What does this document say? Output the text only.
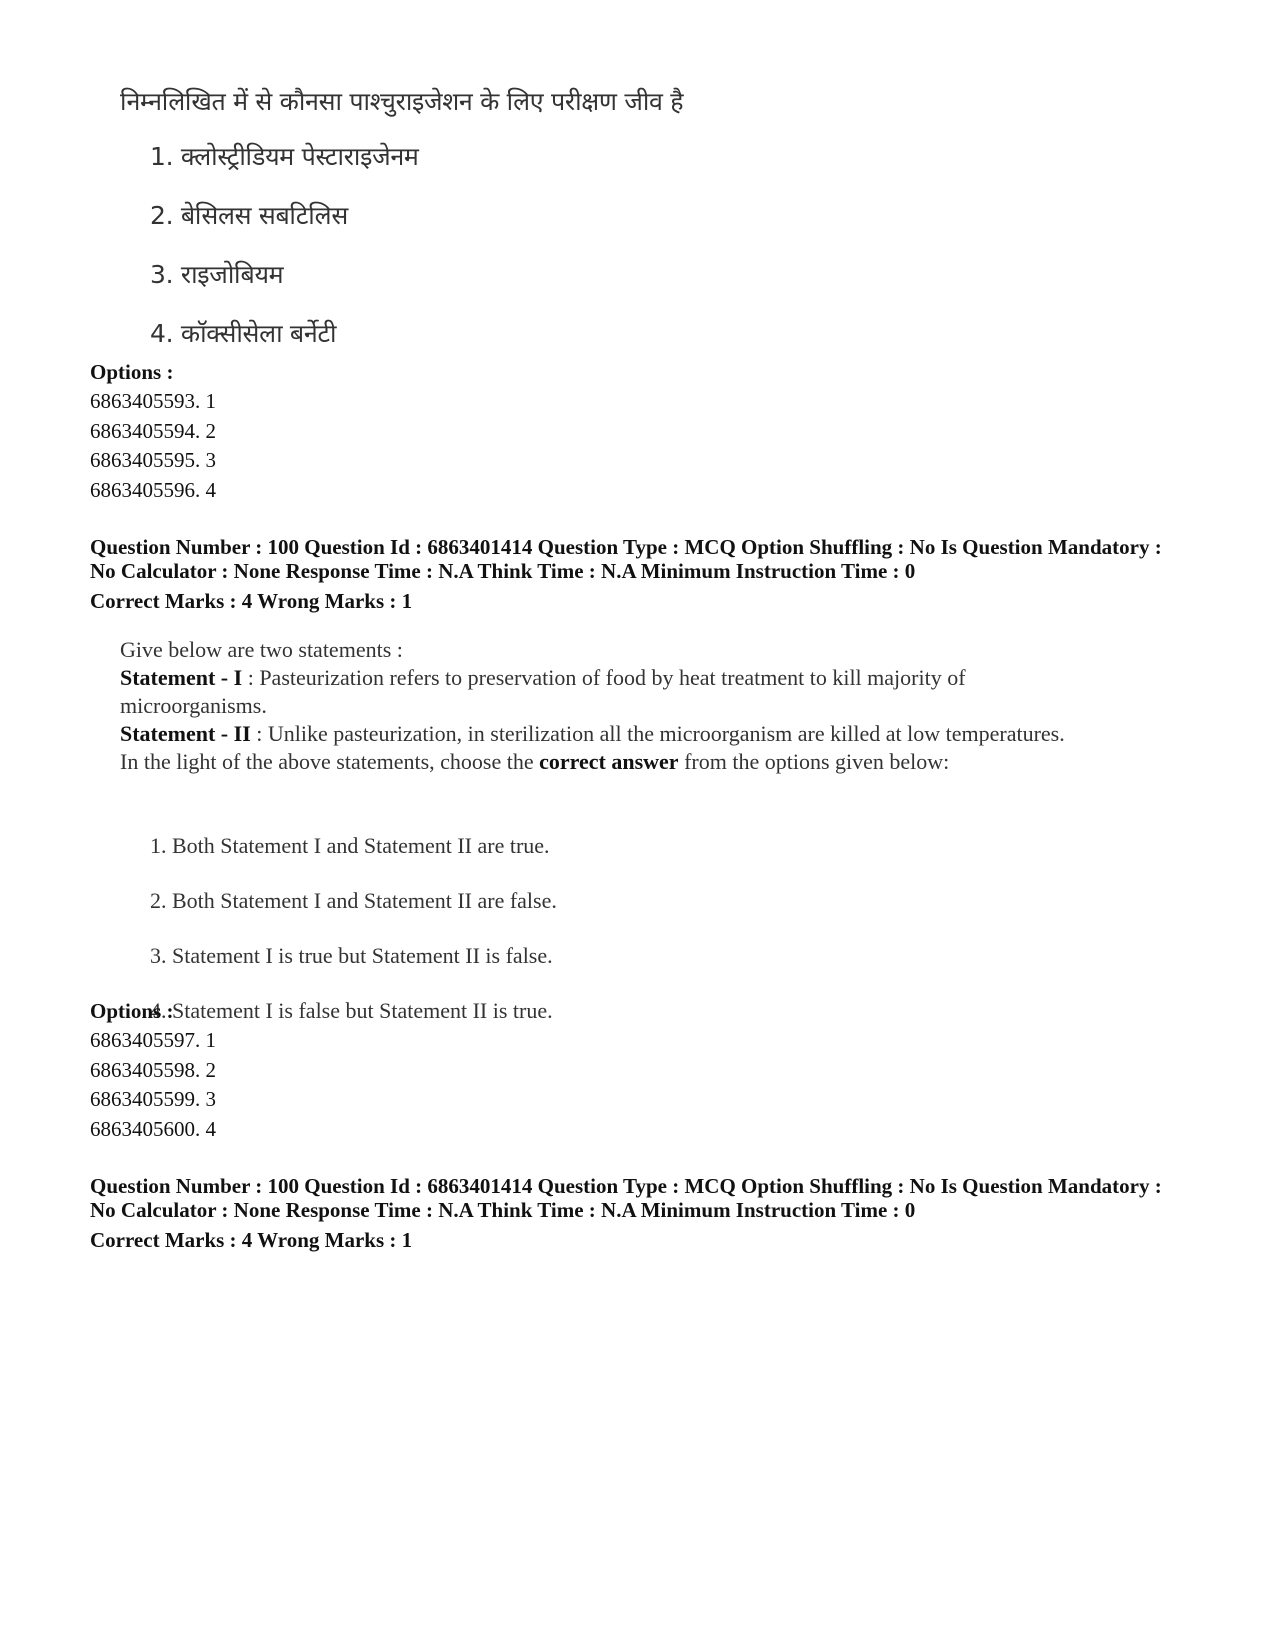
निम्नलिखित में से कौनसा पाश्चुराइजेशन के लिए परीक्षण जीव है
1. क्लोस्ट्रीडियम पेस्टाराइजेनम
2. बेसिलस सबटिलिस
3. राइजोबियम
4. कॉक्सीसेला बर्नेटी
Options :
6863405593. 1
6863405594. 2
6863405595. 3
6863405596. 4
Question Number : 100 Question Id : 6863401414 Question Type : MCQ Option Shuffling : No Is Question Mandatory :
No Calculator : None Response Time : N.A Think Time : N.A Minimum Instruction Time : 0
Correct Marks : 4 Wrong Marks : 1
Give below are two statements :
Statement - I : Pasteurization refers to preservation of food by heat treatment to kill majority of microorganisms.
Statement - II : Unlike pasteurization, in sterilization all the microorganism are killed at low temperatures.
In the light of the above statements, choose the correct answer from the options given below:
1. Both Statement I and Statement II are true.
2. Both Statement I and Statement II are false.
3. Statement I is true but Statement II is false.
4. Statement I is false but Statement II is true.
Options :
6863405597. 1
6863405598. 2
6863405599. 3
6863405600. 4
Question Number : 100 Question Id : 6863401414 Question Type : MCQ Option Shuffling : No Is Question Mandatory :
No Calculator : None Response Time : N.A Think Time : N.A Minimum Instruction Time : 0
Correct Marks : 4 Wrong Marks : 1
